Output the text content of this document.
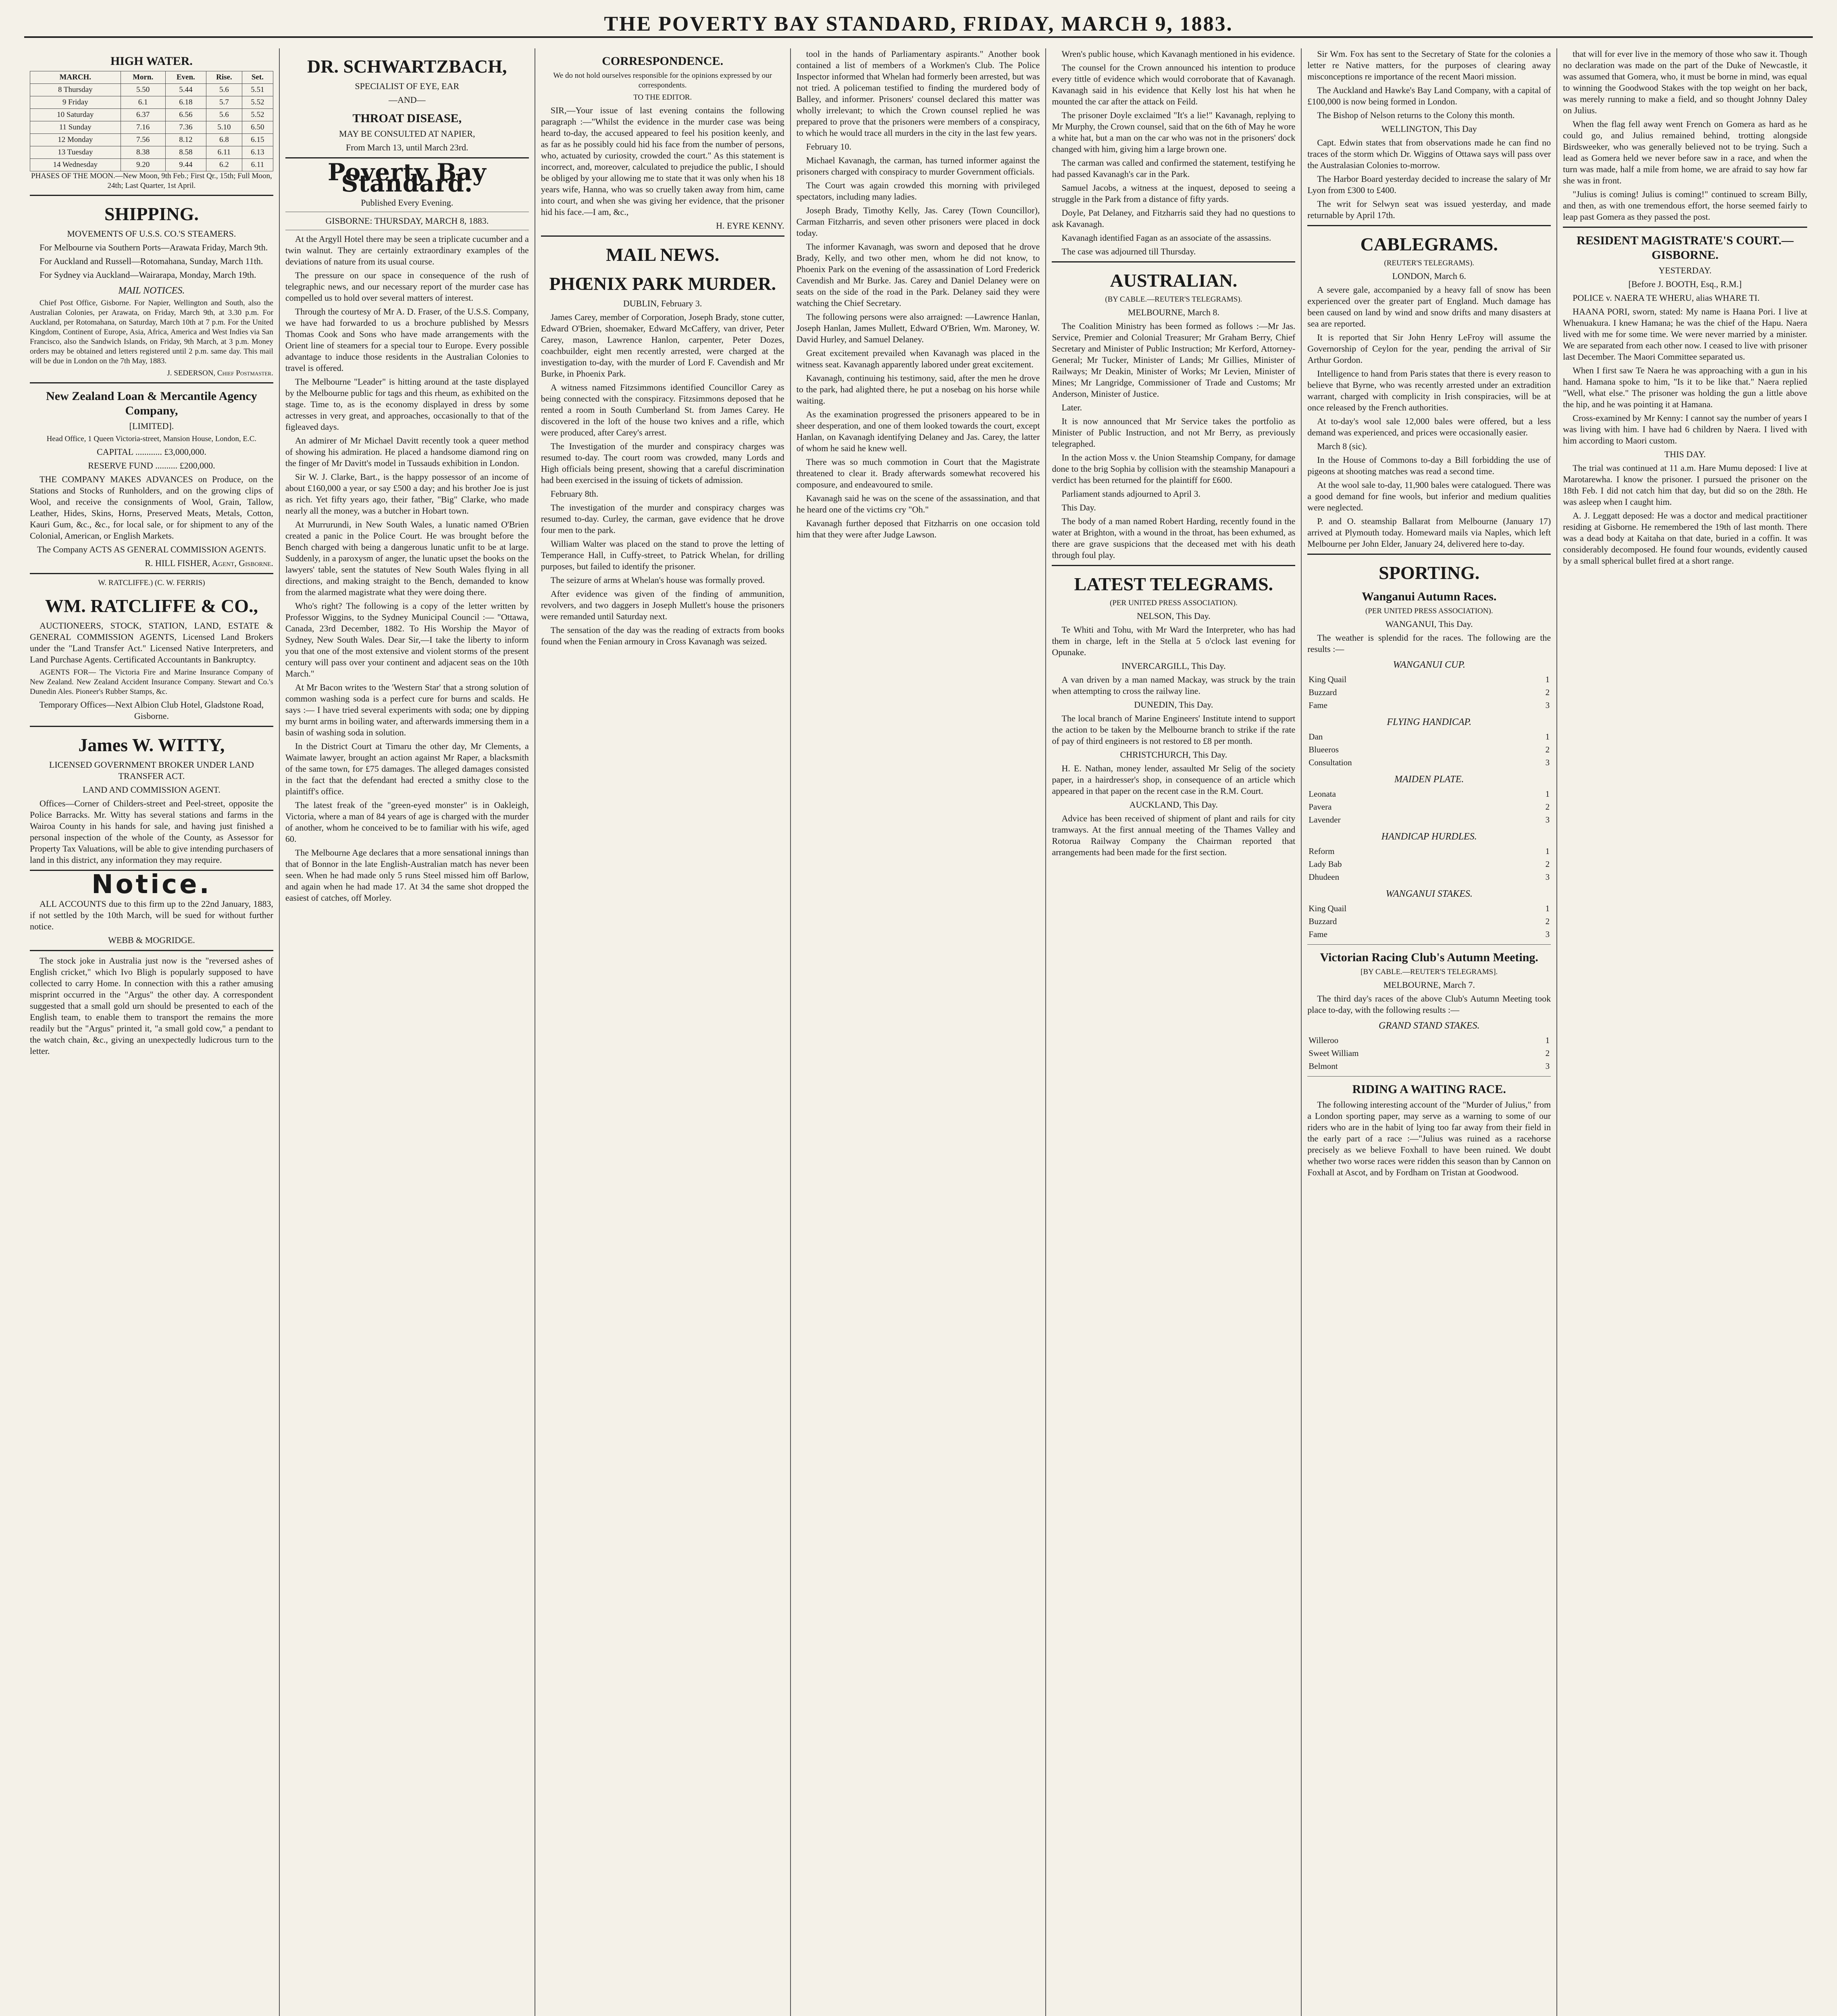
THE POVERTY BAY STANDARD, FRIDAY, MARCH 9, 1883.
HIGH WATER.
MARCH.	Morn.	Even.	Rise.	Set.
8 Thursday	5.50	5.44	5.6	5.51
9 Friday	6.1	6.18	5.7	5.52
10 Saturday	6.37	6.56	5.6	5.52
11 Sunday	7.16	7.36	5.10	6.50
12 Monday	7.56	8.12	6.8	6.15
13 Tuesday	8.38	8.58	6.11	6.13
14 Wednesday	9.20	9.44	6.2	6.11

PHASES OF THE MOON.—New Moon, 9th Feb.; First Qr., 15th; Full Moon, 24th; Last Quarter, 1st April.

SHIPPING.

MOVEMENTS OF U.S.S. CO.'S STEAMERS.

For Melbourne via Southern Ports—Arawata Friday, March 9th.

For Auckland and Russell—Rotomahana, Sunday, March 11th.

For Sydney via Auckland—Wairarapa, Monday, March 19th.

MAIL NOTICES.

Chief Post Office, Gisborne. For Napier, Wellington and South, also the Australian Colonies, per Arawata, on Friday, March 9th, at 3.30 p.m. For Auckland, per Rotomahana, on Saturday, March 10th at 7 p.m. For the United Kingdom, Continent of Europe, Asia, Africa, America and West Indies via San Francisco, also the Sandwich Islands, on Friday, 9th March, at 3 p.m. Money orders may be obtained and letters registered until 2 p.m. same day. This mail will be due in London on the 7th May, 1883.

J. SEDERSON, Chief Postmaster.

New Zealand Loan & Mercantile Agency Company,

[LIMITED].

Head Office, 1 Queen Victoria-street, Mansion House, London, E.C.

CAPITAL ............ £3,000,000.

RESERVE FUND .......... £200,000.

THE COMPANY MAKES ADVANCES on Produce, on the Stations and Stocks of Runholders, and on the growing clips of Wool, and receive the consignments of Wool, Grain, Tallow, Leather, Hides, Skins, Horns, Preserved Meats, Metals, Cotton, Kauri Gum, &c., &c., for local sale, or for shipment to any of the Colonial, American, or English Markets.

The Company ACTS AS GENERAL COMMISSION AGENTS.

R. HILL FISHER, Agent, Gisborne.

W. RATCLIFFE.) (C. W. FERRIS)

WM. RATCLIFFE & CO.,

AUCTIONEERS, STOCK, STATION, LAND, ESTATE & GENERAL COMMISSION AGENTS, Licensed Land Brokers under the "Land Transfer Act." Licensed Native Interpreters, and Land Purchase Agents. Certificated Accountants in Bankruptcy.

AGENTS FOR— The Victoria Fire and Marine Insurance Company of New Zealand. New Zealand Accident Insurance Company. Stewart and Co.'s Dunedin Ales. Pioneer's Rubber Stamps, &c.

Temporary Offices—Next Albion Club Hotel, Gladstone Road, Gisborne.

James W. WITTY,

LICENSED GOVERNMENT BROKER UNDER LAND TRANSFER ACT.

LAND AND COMMISSION AGENT.

Offices—Corner of Childers-street and Peel-street, opposite the Police Barracks. Mr. Witty has several stations and farms in the Wairoa County in his hands for sale, and having just finished a personal inspection of the whole of the County, as Assessor for Property Tax Valuations, will be able to give intending purchasers of land in this district, any information they may require.

Notice.

ALL ACCOUNTS due to this firm up to the 22nd January, 1883, if not settled by the 10th March, will be sued for without further notice.

WEBB & MOGRIDGE.

The stock joke in Australia just now is the "reversed ashes of English cricket," which Ivo Bligh is popularly supposed to have collected to carry Home. In connection with this a rather amusing misprint occurred in the "Argus" the other day. A correspondent suggested that a small gold urn should be presented to each of the English team, to enable them to transport the remains the more readily but the "Argus" printed it, "a small gold cow," a pendant to the watch chain, &c., giving an unexpectedly ludicrous turn to the letter.

DR. SCHWARTZBACH,

SPECIALIST OF EYE, EAR

—AND—

THROAT DISEASE,

MAY BE CONSULTED AT NAPIER,

From March 13, until March 23rd.

Poverty Bay Standard.

Published Every Evening.

GISBORNE: THURSDAY, MARCH 8, 1883.

At the Argyll Hotel there may be seen a triplicate cucumber and a twin walnut. They are certainly extraordinary examples of the deviations of nature from its usual course.

The pressure on our space in consequence of the rush of telegraphic news, and our necessary report of the murder case has compelled us to hold over several matters of interest.

Through the courtesy of Mr A. D. Fraser, of the U.S.S. Company, we have had forwarded to us a brochure published by Messrs Thomas Cook and Sons who have made arrangements with the Orient line of steamers for a special tour to Europe. Every possible advantage to induce those residents in the Australian Colonies to travel is offered.

The Melbourne "Leader" is hitting around at the taste displayed by the Melbourne public for tags and this rheum, as exhibited on the stage. Time to, as is the economy displayed in dress by some actresses in very great, and approaches, occasionally to that of the figleaved days.

An admirer of Mr Michael Davitt recently took a queer method of showing his admiration. He placed a handsome diamond ring on the finger of Mr Davitt's model in Tussauds exhibition in London.

Sir W. J. Clarke, Bart., is the happy possessor of an income of about £160,000 a year, or say £500 a day; and his brother Joe is just as rich. Yet fifty years ago, their father, "Big" Clarke, who made nearly all the money, was a butcher in Hobart town.

At Murrurundi, in New South Wales, a lunatic named O'Brien created a panic in the Police Court. He was brought before the Bench charged with being a dangerous lunatic unfit to be at large. Suddenly, in a paroxysm of anger, the lunatic upset the books on the lawyers' table, sent the statutes of New South Wales flying in all directions, and making straight to the Bench, demanded to know from the alarmed magistrate what they were doing there.

Who's right? The following is a copy of the letter written by Professor Wiggins, to the Sydney Municipal Council :— "Ottawa, Canada, 23rd December, 1882. To His Worship the Mayor of Sydney, New South Wales. Dear Sir,—I take the liberty to inform you that one of the most extensive and violent storms of the present century will pass over your continent and adjacent seas on the 10th March."

At Mr Bacon writes to the 'Western Star' that a strong solution of common washing soda is a perfect cure for burns and scalds. He says :— I have tried several experiments with soda; one by dipping my burnt arms in boiling water, and afterwards immersing them in a basin of washing soda in solution.

In the District Court at Timaru the other day, Mr Clements, a Waimate lawyer, brought an action against Mr Raper, a blacksmith of the same town, for £75 damages. The alleged damages consisted in the fact that the defendant had erected a smithy close to the plaintiff's office.

The latest freak of the "green-eyed monster" is in Oakleigh, Victoria, where a man of 84 years of age is charged with the murder of another, whom he conceived to be to familiar with his wife, aged 60.

The Melbourne Age declares that a more sensational innings than that of Bonnor in the late English-Australian match has never been seen. When he had made only 5 runs Steel missed him off Barlow, and again when he had made 17. At 34 the same shot dropped the easiest of catches, off Morley.

CORRESPONDENCE.

We do not hold ourselves responsible for the opinions expressed by our correspondents.

TO THE EDITOR.

SIR,—Your issue of last evening contains the following paragraph :—"Whilst the evidence in the murder case was being heard to-day, the accused appeared to feel his position keenly, and as far as he possibly could hid his face from the number of persons, who, actuated by curiosity, crowded the court." As this statement is incorrect, and, moreover, calculated to prejudice the public, I should be obliged by your allowing me to state that it was only when his 18 years wife, Hanna, who was so cruelly taken away from him, came into court, and when she was giving her evidence, that the prisoner hid his face.—I am, &c.,

H. EYRE KENNY.

MAIL NEWS.
PHŒNIX PARK MURDER.

DUBLIN, February 3.

James Carey, member of Corporation, Joseph Brady, stone cutter, Edward O'Brien, shoemaker, Edward McCaffery, van driver, Peter Carey, mason, Lawrence Hanlon, carpenter, Peter Dozes, coachbuilder, eight men recently arrested, were charged at the investigation to-day, with the murder of Lord F. Cavendish and Mr Burke, in Phoenix Park.

A witness named Fitzsimmons identified Councillor Carey as being connected with the conspiracy. Fitzsimmons deposed that he rented a room in South Cumberland St. from James Carey. He discovered in the loft of the house two knives and a rifle, which were produced, after Carey's arrest.

The Investigation of the murder and conspiracy charges was resumed to-day. The court room was crowded, many Lords and High officials being present, showing that a careful discrimination had been exercised in the issuing of tickets of admission.

February 8th.

The investigation of the murder and conspiracy charges was resumed to-day. Curley, the carman, gave evidence that he drove four men to the park.

William Walter was placed on the stand to prove the letting of Temperance Hall, in Cuffy-street, to Patrick Whelan, for drilling purposes, but failed to identify the prisoner.

The seizure of arms at Whelan's house was formally proved.

After evidence was given of the finding of ammunition, revolvers, and two daggers in Joseph Mullett's house the prisoners were remanded until Saturday next.

The sensation of the day was the reading of extracts from books found when the Fenian armoury in Cross Kavanagh was seized.

tool in the hands of Parliamentary aspirants." Another book contained a list of members of a Workmen's Club. The Police Inspector informed that Whelan had formerly been arrested, but was not tried. A policeman testified to finding the murdered body of Balley, and informer. Prisoners' counsel declared this matter was wholly irrelevant; to which the Crown counsel replied he was prepared to prove that the prisoners were members of a conspiracy, to which he would trace all murders in the city in the last few years.

February 10.

Michael Kavanagh, the carman, has turned informer against the prisoners charged with conspiracy to murder Government officials.

The Court was again crowded this morning with privileged spectators, including many ladies.

Joseph Brady, Timothy Kelly, Jas. Carey (Town Councillor), Carman Fitzharris, and seven other prisoners were placed in dock today.

The informer Kavanagh, was sworn and deposed that he drove Brady, Kelly, and two other men, whom he did not know, to Phoenix Park on the evening of the assassination of Lord Frederick Cavendish and Mr Burke. Jas. Carey and Daniel Delaney were on seats on the side of the road in the Park. Delaney said they were watching the Chief Secretary.

The following persons were also arraigned: —Lawrence Hanlan, Joseph Hanlan, James Mullett, Edward O'Brien, Wm. Maroney, W. David Hurley, and Samuel Delaney.

Great excitement prevailed when Kavanagh was placed in the witness seat. Kavanagh apparently labored under great excitement.

Kavanagh, continuing his testimony, said, after the men he drove to the park, had alighted there, he put a nosebag on his horse while waiting.

As the examination progressed the prisoners appeared to be in sheer desperation, and one of them looked towards the court, except Hanlan, on Kavanagh identifying Delaney and Jas. Carey, the latter of whom he said he knew well.

There was so much commotion in Court that the Magistrate threatened to clear it. Brady afterwards somewhat recovered his composure, and endeavoured to smile.

Kavanagh said he was on the scene of the assassination, and that he heard one of the victims cry "Oh."

Kavanagh further deposed that Fitzharris on one occasion told him that they were after Judge Lawson.

Wren's public house, which Kavanagh mentioned in his evidence.

The counsel for the Crown announced his intention to produce every tittle of evidence which would corroborate that of Kavanagh. Kavanagh said in his evidence that Kelly lost his hat when he mounted the car after the attack on Feild.

The prisoner Doyle exclaimed "It's a lie!" Kavanagh, replying to Mr Murphy, the Crown counsel, said that on the 6th of May he wore a white hat, but a man on the car who was not in the prisoners' dock changed with him, giving him a large brown one.

The carman was called and confirmed the statement, testifying he had passed Kavanagh's car in the Park.

Samuel Jacobs, a witness at the inquest, deposed to seeing a struggle in the Park from a distance of fifty yards.

Doyle, Pat Delaney, and Fitzharris said they had no questions to ask Kavanagh.

Kavanagh identified Fagan as an associate of the assassins.

The case was adjourned till Thursday.

AUSTRALIAN.

(BY CABLE.—REUTER'S TELEGRAMS).

MELBOURNE, March 8.

The Coalition Ministry has been formed as follows :—Mr Jas. Service, Premier and Colonial Treasurer; Mr Graham Berry, Chief Secretary and Minister of Public Instruction; Mr Kerford, Attorney-General; Mr Tucker, Minister of Lands; Mr Gillies, Minister of Railways; Mr Deakin, Minister of Works; Mr Levien, Minister of Mines; Mr Langridge, Commissioner of Trade and Customs; Mr Anderson, Minister of Justice.

Later.

It is now announced that Mr Service takes the portfolio as Minister of Public Instruction, and not Mr Berry, as previously telegraphed.

In the action Moss v. the Union Steamship Company, for damage done to the brig Sophia by collision with the steamship Manapouri a verdict has been returned for the plaintiff for £600.

Parliament stands adjourned to April 3.

This Day.

The body of a man named Robert Harding, recently found in the water at Brighton, with a wound in the throat, has been exhumed, as there are grave suspicions that the deceased met with his death through foul play.

LATEST TELEGRAMS.

(PER UNITED PRESS ASSOCIATION).

NELSON, This Day.

Te Whiti and Tohu, with Mr Ward the Interpreter, who has had them in charge, left in the Stella at 5 o'clock last evening for Opunake.

INVERCARGILL, This Day.

A van driven by a man named Mackay, was struck by the train when attempting to cross the railway line.

DUNEDIN, This Day.

The local branch of Marine Engineers' Institute intend to support the action to be taken by the Melbourne branch to strike if the rate of pay of third engineers is not restored to £8 per month.

CHRISTCHURCH, This Day.

H. E. Nathan, money lender, assaulted Mr Selig of the society paper, in a hairdresser's shop, in consequence of an article which appeared in that paper on the recent case in the R.M. Court.

AUCKLAND, This Day.

Advice has been received of shipment of plant and rails for city tramways. At the first annual meeting of the Thames Valley and Rotorua Railway Company the Chairman reported that arrangements had been made for the first section.

Sir Wm. Fox has sent to the Secretary of State for the colonies a letter re Native matters, for the purposes of clearing away misconceptions re importance of the recent Maori mission.

The Auckland and Hawke's Bay Land Company, with a capital of £100,000 is now being formed in London.

The Bishop of Nelson returns to the Colony this month.

WELLINGTON, This Day

Capt. Edwin states that from observations made he can find no traces of the storm which Dr. Wiggins of Ottawa says will pass over the Australasian Colonies to-morrow.

The Harbor Board yesterday decided to increase the salary of Mr Lyon from £300 to £400.

The writ for Selwyn seat was issued yesterday, and made returnable by April 17th.

CABLEGRAMS.

(REUTER'S TELEGRAMS).

LONDON, March 6.

A severe gale, accompanied by a heavy fall of snow has been experienced over the greater part of England. Much damage has been caused on land by wind and snow drifts and many disasters at sea are reported.

It is reported that Sir John Henry LeFroy will assume the Governorship of Ceylon for the year, pending the arrival of Sir Arthur Gordon.

Intelligence to hand from Paris states that there is every reason to believe that Byrne, who was recently arrested under an extradition warrant, charged with complicity in Irish conspiracies, will be at once released by the French authorities.

At to-day's wool sale 12,000 bales were offered, but a less demand was experienced, and prices were occasionally easier.

March 8 (sic).

In the House of Commons to-day a Bill forbidding the use of pigeons at shooting matches was read a second time.

At the wool sale to-day, 11,900 bales were catalogued. There was a good demand for fine wools, but inferior and medium qualities were neglected.

P. and O. steamship Ballarat from Melbourne (January 17) arrived at Plymouth today. Homeward mails via Naples, which left Melbourne per John Elder, January 24, delivered here to-day.

SPORTING.
Wanganui Autumn Races.

(PER UNITED PRESS ASSOCIATION).

WANGANUI, This Day.

The weather is splendid for the races. The following are the results :—

WANGANUI CUP.
King Quail	1
Buzzard	2
Fame	3
FLYING HANDICAP.
Dan	1
Blueeros	2
Consultation	3
MAIDEN PLATE.
Leonata	1
Pavera	2
Lavender	3
HANDICAP HURDLES.
Reform	1
Lady Bab	2
Dhudeen	3
WANGANUI STAKES.
King Quail	1
Buzzard	2
Fame	3
Victorian Racing Club's Autumn Meeting.

[BY CABLE.—REUTER'S TELEGRAMS].

MELBOURNE, March 7.

The third day's races of the above Club's Autumn Meeting took place to-day, with the following results :—

GRAND STAND STAKES.
Willeroo	1
Sweet William	2
Belmont	3
RIDING A WAITING RACE.

The following interesting account of the "Murder of Julius," from a London sporting paper, may serve as a warning to some of our riders who are in the habit of lying too far away from their field in the early part of a race :—"Julius was ruined as a racehorse precisely as we believe Foxhall to have been ruined. We doubt whether two worse races were ridden this season than by Cannon on Foxhall at Ascot, and by Fordham on Tristan at Goodwood.

that will for ever live in the memory of those who saw it. Though no declaration was made on the part of the Duke of Newcastle, it was assumed that Gomera, who, it must be borne in mind, was equal to winning the Goodwood Stakes with the top weight on her back, was merely running to make a field, and so thought Johnny Daley on Julius.

When the flag fell away went French on Gomera as hard as he could go, and Julius remained behind, trotting alongside Birdsweeker, who was generally believed not to be trying. Such a lead as Gomera held we never before saw in a race, and when the turn was made, half a mile from home, we are afraid to say how far she was in front.

"Julius is coming! Julius is coming!" continued to scream Billy, and then, as with one tremendous effort, the horse seemed fairly to leap past Gomera as they passed the post.

RESIDENT MAGISTRATE'S COURT.—GISBORNE.

YESTERDAY.

[Before J. BOOTH, Esq., R.M.]

POLICE v. NAERA TE WHERU, alias WHARE TI.

HAANA PORI, sworn, stated: My name is Haana Pori. I live at Whenuakura. I knew Hamana; he was the chief of the Hapu. Naera lived with me for some time. We were never married by a minister. We are separated from each other now. I ceased to live with prisoner last December. The Maori Committee separated us.

When I first saw Te Naera he was approaching with a gun in his hand. Hamana spoke to him, "Is it to be like that." Naera replied "Well, what else." The prisoner was holding the gun a little above the hip, and he was pointing it at Hamana.

Cross-examined by Mr Kenny: I cannot say the number of years I was living with him. I have had 6 children by Naera. I lived with him according to Maori custom.

THIS DAY.

The trial was continued at 11 a.m. Hare Mumu deposed: I live at Marotarewha. I know the prisoner. I pursued the prisoner on the 18th Feb. I did not catch him that day, but did so on the 28th. He was asleep when I caught him.

A. J. Leggatt deposed: He was a doctor and medical practitioner residing at Gisborne. He remembered the 19th of last month. There was a dead body at Kaitaha on that date, buried in a coffin. It was considerably decomposed. He found four wounds, evidently caused by a small spherical bullet fired at a short range.
